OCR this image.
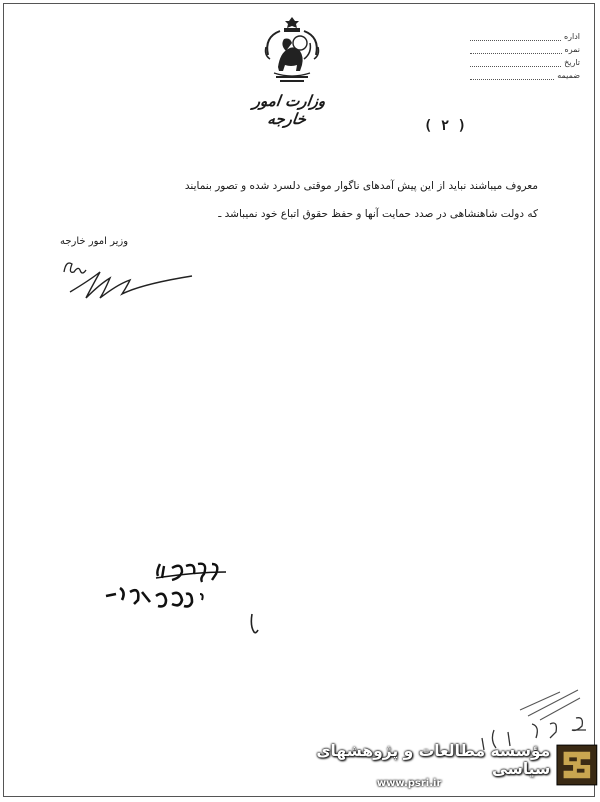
اداره
نمره
تاریخ
ضمیمه
وزارت امور خارجه	( ۲ )
معروف میباشند نباید از این پیش آمدهای ناگوار موقتی دلسرد شده و تصور بنمایند
که دولت شاهنشاهی در صدد حمایت آنها و حفظ حقوق اتباع خود نمیباشد ـ
وزیر امور خارجه
مؤسسه مطالعات و پژوهشهای سیاسی
www.psri.ir
